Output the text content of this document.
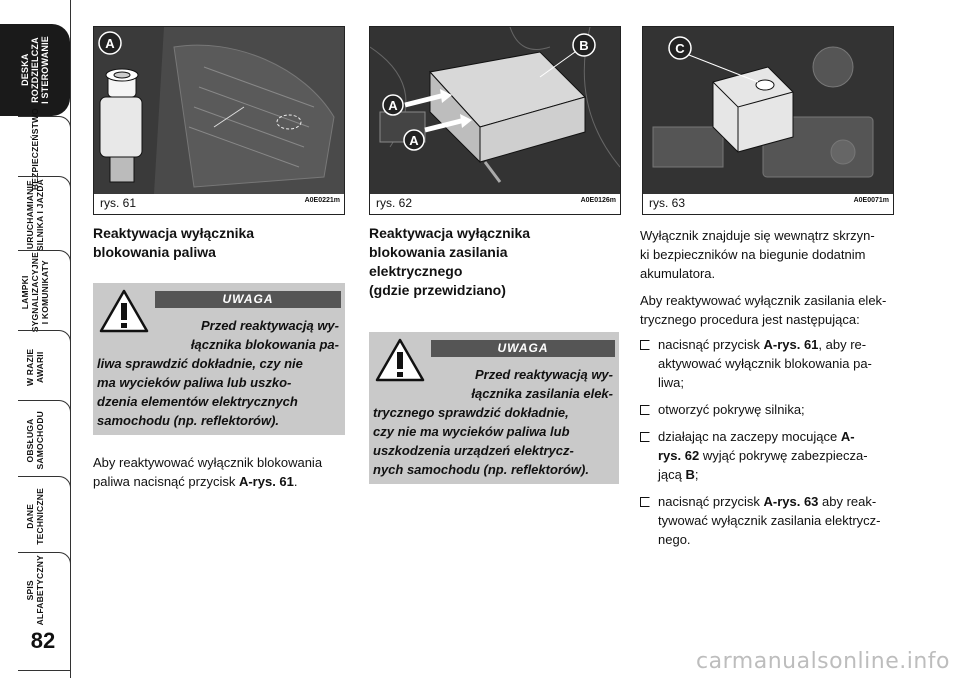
DESKA
ROZDZIELCZA
I STEROWANIE
BEZPIECZEŃSTWO
URUCHAMIANIE
SILNIKA I JAZDA
LAMPKI
SYGNALIZACYJNE
I KOMUNIKATY
W RAZIE AWARII
OBSŁUGA
SAMOCHODU
DANE
TECHNICZNE
SPIS
ALFABETYCZNY
82
A
rys. 61	A0E0221m
A
A
B
rys. 62	A0E0126m
C
rys. 63	A0E0071m
Reaktywacja wyłącznika
blokowania paliwa
UWAGA
Przed reaktywacją wy-
łącznika blokowania pa-
liwa sprawdzić dokładnie, czy nie
ma wycieków paliwa lub uszko-
dzenia elementów elektrycznych
samochodu (np. reflektorów).
Aby reaktywować wyłącznik blokowania
paliwa nacisnąć przycisk A-rys. 61.
Reaktywacja wyłącznika
blokowania zasilania
elektrycznego
(gdzie przewidziano)
UWAGA
Przed reaktywacją wy-
łącznika zasilania elek-
trycznego sprawdzić dokładnie,
czy nie ma wycieków paliwa lub
uszkodzenia urządzeń elektrycz-
nych samochodu (np. reflektorów).
Wyłącznik znajduje się wewnątrz skrzyn-
ki bezpieczników na biegunie dodatnim
akumulatora.
Aby reaktywować wyłącznik zasilania elek-
trycznego procedura jest następująca:
nacisnąć przycisk A-rys. 61, aby re-
aktywować wyłącznik blokowania pa-
liwa;
otworzyć pokrywę silnika;
działając na zaczepy mocujące A-
rys. 62 wyjąć pokrywę zabezpiecza-
jącą B;
nacisnąć przycisk A-rys. 63 aby reak-
tywować wyłącznik zasilania elektrycz-
nego.
carmanualsonline.info
